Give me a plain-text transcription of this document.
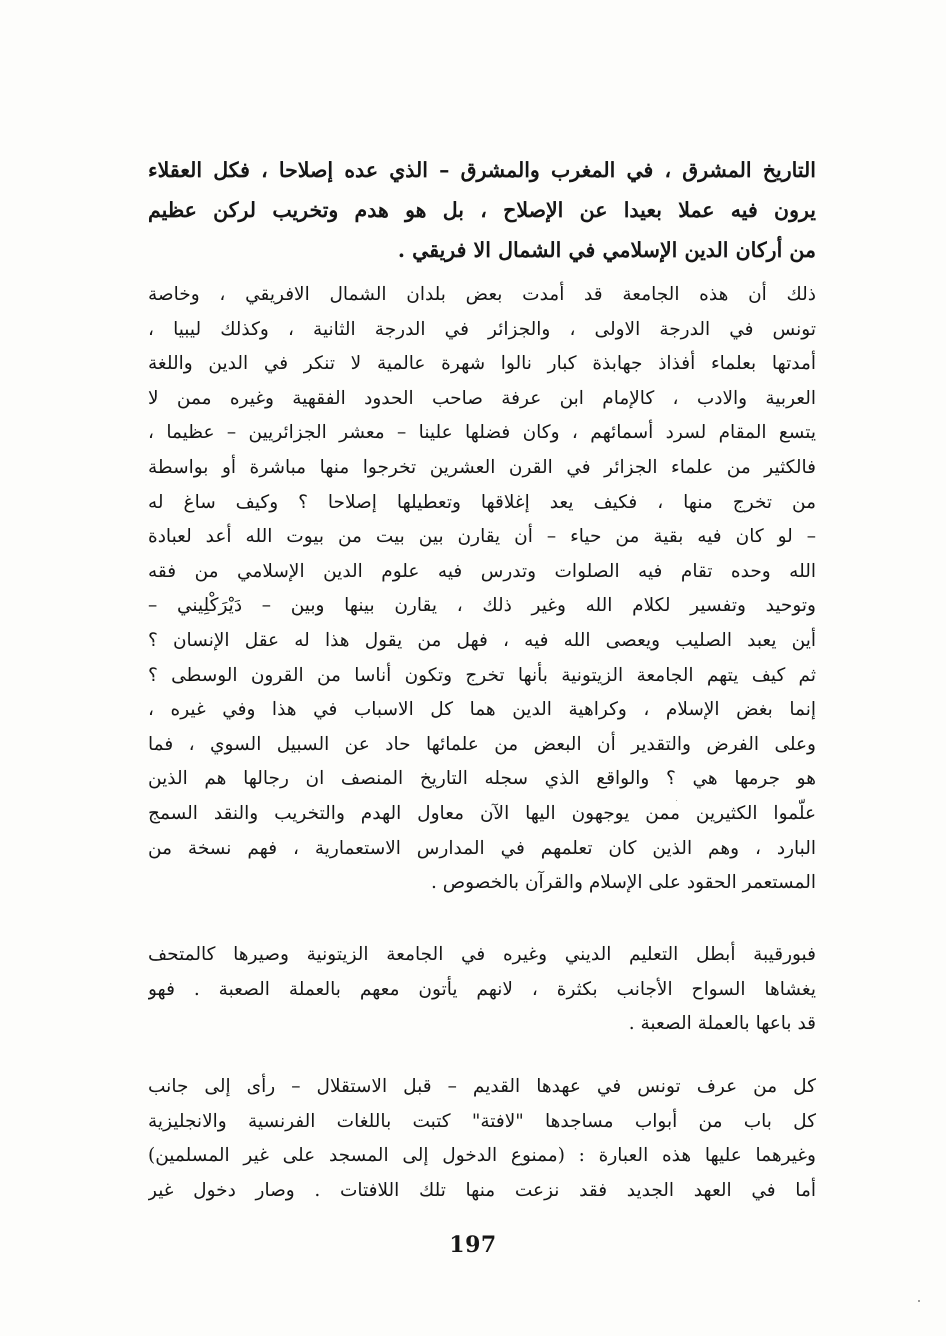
التاريخ المشرق ، في المغرب والمشرق – الذي عده إصلاحا ، فكل العقلاء
يرون فيه عملا بعيدا عن الإصلاح ، بل هو هدم وتخريب لركن عظيم
من أركان الدين الإسلامي في الشمال الا فريقي .
ذلك أن هذه الجامعة قد أمدت بعض بلدان الشمال الافريقي ، وخاصة
تونس في الدرجة الاولى ، والجزائر في الدرجة الثانية ، وكذلك ليبيا ،
أمدتها بعلماء أفذاذ جهابذة كبار نالوا شهرة عالمية لا تنكر في الدين واللغة
العربية والادب ، كالإمام ابن عرفة صاحب الحدود الفقهية وغيره ممن لا
يتسع المقام لسرد أسمائهم ، وكان فضلها علينا – معشر الجزائريين – عظيما ،
فالكثير من علماء الجزائر في القرن العشرين تخرجوا منها مباشرة أو بواسطة
من تخرج منها ، فكيف يعد إغلاقها وتعطيلها إصلاحا ؟ وكيف ساغ له
– لو كان فيه بقية من حياء – أن يقارن بين بيت من بيوت الله أعد لعبادة
الله وحده تقام فيه الصلوات وتدرس فيه علوم الدين الإسلامي من فقه
وتوحيد وتفسير لكلام الله وغير ذلك ، يقارن بينها وبين – دَيْرَكْلِيني –
أين يعبد الصليب ويعصى الله فيه ، فهل من يقول هذا له عقل الإنسان ؟
ثم كيف يتهم الجامعة الزيتونية بأنها تخرج وتكون أناسا من القرون الوسطى ؟
إنما بغض الإسلام ، وكراهية الدين هما كل الاسباب في هذا وفي غيره ،
وعلى الفرض والتقدير أن البعض من علمائها حاد عن السبيل السوي ، فما
هو جرمها هي ؟ والواقع الذي سجله التاريخ المنصف ان رجالها هم الذين
علّموا الكثيرين ممن يوجهون اليها الآن معاول الهدم والتخريب والنقد السمج
البارد ، وهم الذين كان تعلمهم في المدارس الاستعمارية ، فهم نسخة من
المستعمر الحقود على الإسلام والقرآن بالخصوص .
فبورقيبة أبطل التعليم الديني وغيره في الجامعة الزيتونية وصيرها كالمتحف
يغشاها السواح الأجانب بكثرة ، لانهم يأتون معهم بالعملة الصعبة . فهو
قد باعها بالعملة الصعبة .
كل من عرف تونس في عهدها القديم – قبل الاستقلال – رأى إلى جانب
كل باب من أبواب مساجدها "لافتة" كتبت باللغات الفرنسية والانجليزية
وغيرهما عليها هذه العبارة : (ممنوع الدخول إلى المسجد على غير المسلمين)
أما في العهد الجديد فقد نزعت منها تلك اللافتات . وصار دخول غير
197
